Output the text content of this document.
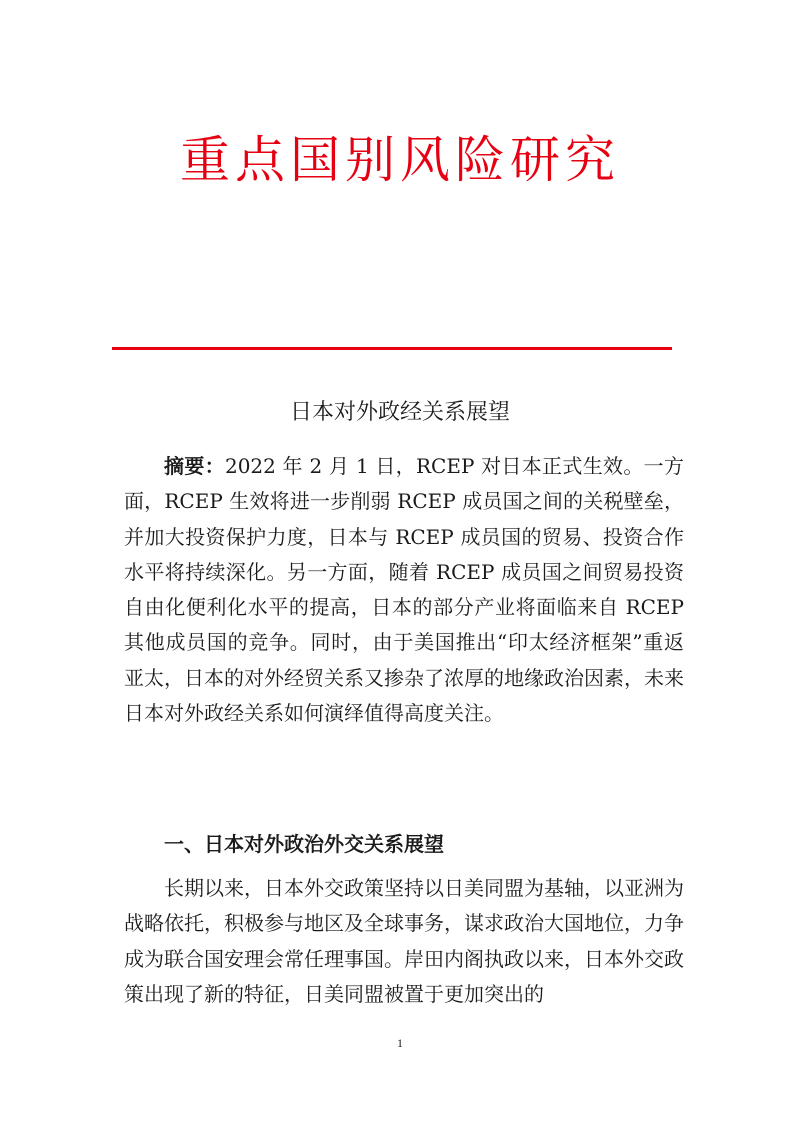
重点国别风险研究
日本对外政经关系展望

摘要：2022 年 2 月 1 日，RCEP 对日本正式生效。一方面，RCEP 生效将进一步削弱 RCEP 成员国之间的关税壁垒，并加大投资保护力度，日本与 RCEP 成员国的贸易、投资合作水平将持续深化。另一方面，随着 RCEP 成员国之间贸易投资自由化便利化水平的提高，日本的部分产业将面临来自 RCEP 其他成员国的竞争。同时，由于美国推出“印太经济框架”重返亚太，日本的对外经贸关系又掺杂了浓厚的地缘政治因素，未来日本对外政经关系如何演绎值得高度关注。

一、日本对外政治外交关系展望

长期以来，日本外交政策坚持以日美同盟为基轴，以亚洲为战略依托，积极参与地区及全球事务，谋求政治大国地位，力争成为联合国安理会常任理事国。岸田内阁执政以来，日本外交政策出现了新的特征，日美同盟被置于更加突出的

1
